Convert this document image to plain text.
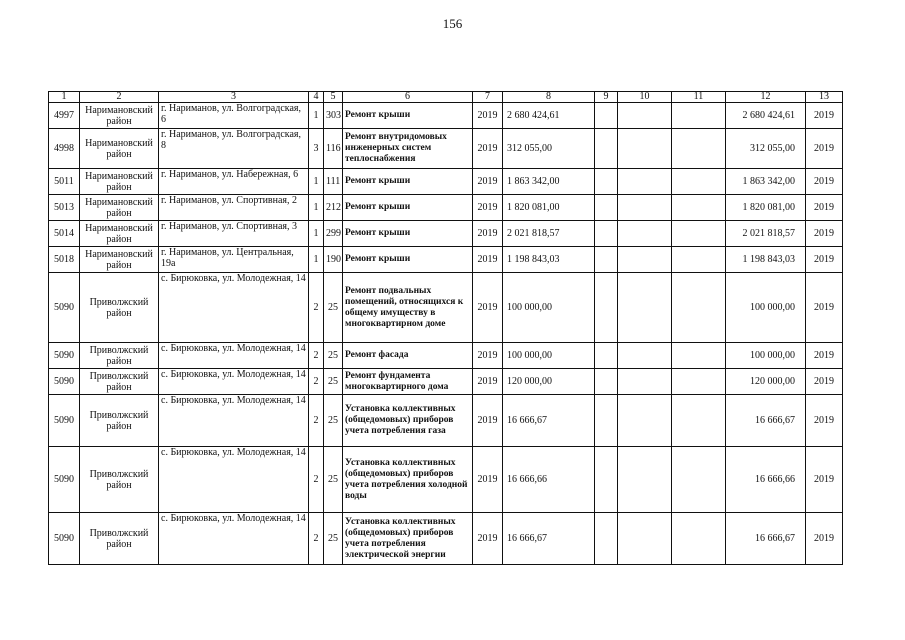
156
1	2	3	4	5	6	7	8	9	10	11	12	13
4997	Наримановский район	г. Нариманов, ул. Волгоградская, 6	1	303	Ремонт крыши	2019	2 680 424,61				2 680 424,61	2019
4998	Наримановский район	г. Нариманов, ул. Волгоградская, 8	3	116	Ремонт внутридомовых инженерных систем теплоснабжения	2019	312 055,00				312 055,00	2019
5011	Наримановский район	г. Нариманов, ул. Набережная, 6	1	111	Ремонт крыши	2019	1 863 342,00				1 863 342,00	2019
5013	Наримановский район	г. Нариманов, ул. Спортивная, 2	1	212	Ремонт крыши	2019	1 820 081,00				1 820 081,00	2019
5014	Наримановский район	г. Нариманов, ул. Спортивная, 3	1	299	Ремонт крыши	2019	2 021 818,57				2 021 818,57	2019
5018	Наримановский район	г. Нариманов, ул. Центральная, 19а	1	190	Ремонт крыши	2019	1 198 843,03				1 198 843,03	2019
5090	Приволжский район	с. Бирюковка, ул. Молодежная, 14	2	25	Ремонт подвальных помещений, относящихся к общему имуществу в многоквартирном доме	2019	100 000,00				100 000,00	2019
5090	Приволжский район	с. Бирюковка, ул. Молодежная, 14	2	25	Ремонт фасада	2019	100 000,00				100 000,00	2019
5090	Приволжский район	с. Бирюковка, ул. Молодежная, 14	2	25	Ремонт фундамента многоквартирного дома	2019	120 000,00				120 000,00	2019
5090	Приволжский район	с. Бирюковка, ул. Молодежная, 14	2	25	Установка коллективных (общедомовых) приборов учета потребления газа	2019	16 666,67				16 666,67	2019
5090	Приволжский район	с. Бирюковка, ул. Молодежная, 14	2	25	Установка коллективных (общедомовых) приборов учета потребления холодной воды	2019	16 666,66				16 666,66	2019
5090	Приволжский район	с. Бирюковка, ул. Молодежная, 14	2	25	Установка коллективных (общедомовых) приборов учета потребления электрической энергии	2019	16 666,67				16 666,67	2019
